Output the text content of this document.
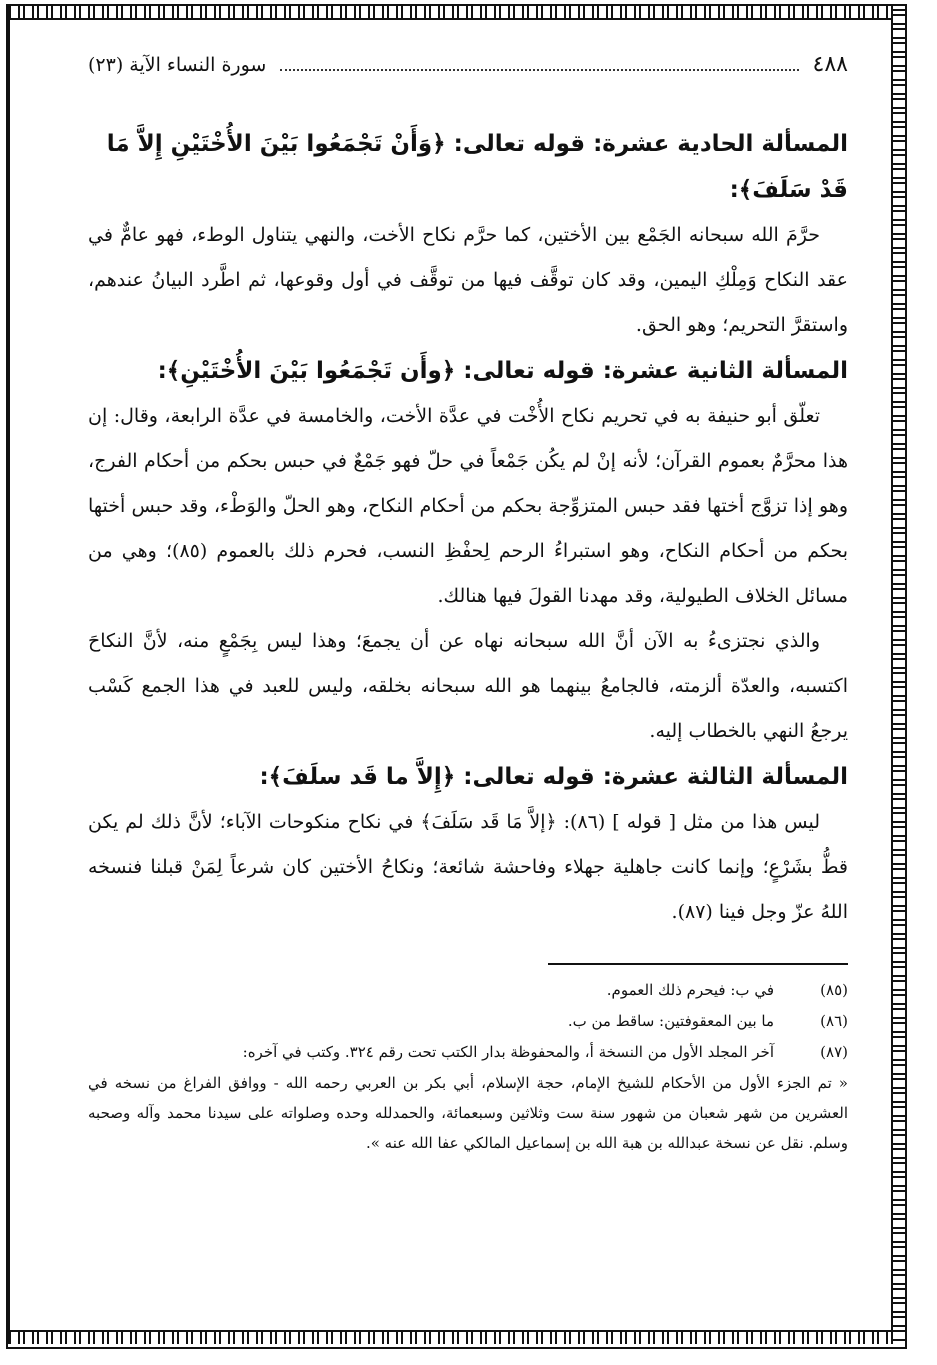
٤٨٨
سورة النساء الآية (٢٣)
المسألة الحادية عشرة: قوله تعالى: ﴿وَأَنْ تَجْمَعُوا بَيْنَ الأُخْتَيْنِ إِلاَّ مَا قَدْ سَلَفَ﴾:

حرَّمَ الله سبحانه الجَمْع بين الأختين، كما حرَّم نكاح الأخت، والنهي يتناول الوطء، فهو عامٌّ في عقد النكاح وَمِلْكِ اليمين، وقد كان توقَّف فيها من توقَّف في أول وقوعها، ثم اطَّرد البيانُ عندهم، واستقرَّ التحريم؛ وهو الحق.

المسألة الثانية عشرة: قوله تعالى: ﴿وأَن تَجْمَعُوا بَيْنَ الأُخْتَيْنِ﴾:

تعلّق أبو حنيفة به في تحريم نكاح الأُخْت في عدَّة الأخت، والخامسة في عدَّة الرابعة، وقال: إن هذا محرَّمٌ بعموم القرآن؛ لأنه إنْ لم يكُن جَمْعاً في حلّ فهو جَمْعٌ في حبس بحكم من أحكام الفرج، وهو إذا تزوَّج أختها فقد حبس المتزوِّجة بحكم من أحكام النكاح، وهو الحلّ والوَطْء، وقد حبس أختها بحكم من أحكام النكاح، وهو استبراءُ الرحم لِحفْظِ النسب، فحرم ذلك بالعموم (٨٥)؛ وهي من مسائل الخلاف الطيولية، وقد مهدنا القولَ فيها هنالك.

والذي نجتزىءُ به الآن أنَّ الله سبحانه نهاه عن أن يجمعَ؛ وهذا ليس بِجَمْعٍ منه، لأنَّ النكاحَ اكتسبه، والعدّة ألزمته، فالجامعُ بينهما هو الله سبحانه بخلقه، وليس للعبد في هذا الجمع كَسْب يرجعُ النهي بالخطاب إليه.

المسألة الثالثة عشرة: قوله تعالى: ﴿إِلاَّ ما قَد سلَفَ﴾:

ليس هذا من مثل [ قوله ] (٨٦): ﴿إلاَّ مَا قَد سَلَفَ﴾ في نكاح منكوحات الآباء؛ لأنَّ ذلك لم يكن قطُّ بشَرْعٍ؛ وإنما كانت جاهلية جهلاء وفاحشة شائعة؛ ونكاحُ الأختين كان شرعاً لِمَنْ قبلنا فنسخه اللهُ عزّ وجل فينا (٨٧).

(٨٥)
في ب: فيحرم ذلك العموم.
(٨٦)
ما بين المعقوفتين: ساقط من ب.
(٨٧)
آخر المجلد الأول من النسخة أ، والمحفوظة بدار الكتب تحت رقم ٣٢٤. وكتب في آخره:
« تم الجزء الأول من الأحكام للشيخ الإمام، حجة الإسلام، أبي بكر بن العربي رحمه الله - ووافق الفراغ من نسخه في العشرين من شهر شعبان من شهور سنة ست وثلاثين وسبعمائة، والحمدلله وحده وصلواته على سيدنا محمد وآله وصحبه وسلم. نقل عن نسخة عبدالله بن هبة الله بن إسماعيل المالكي عفا الله عنه ».
